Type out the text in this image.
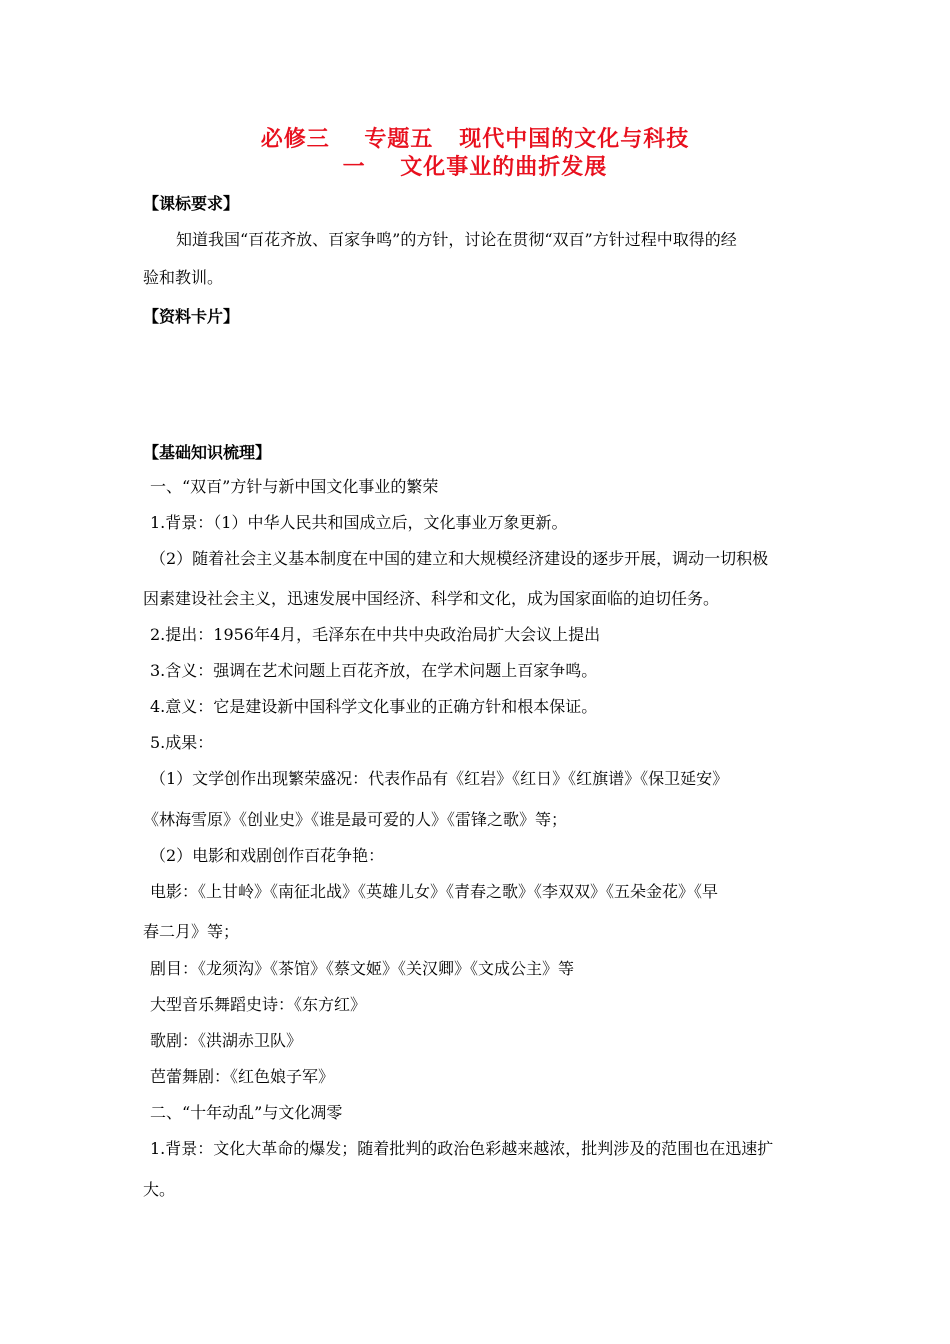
必修三    专题五   现代中国的文化与科技
一    文化事业的曲折发展
【课标要求】
知道我国“百花齐放、百家争鸣”的方针，讨论在贯彻“双百”方针过程中取得的经
验和教训。
【资料卡片】
【基础知识梳理】
一、“双百”方针与新中国文化事业的繁荣
1.背景：（1）中华人民共和国成立后，文化事业万象更新。
（2）随着社会主义基本制度在中国的建立和大规模经济建设的逐步开展，调动一切积极
因素建设社会主义，迅速发展中国经济、科学和文化，成为国家面临的迫切任务。
2.提出：1956年4月，毛泽东在中共中央政治局扩大会议上提出
3.含义：强调在艺术问题上百花齐放，在学术问题上百家争鸣。
4.意义：它是建设新中国科学文化事业的正确方针和根本保证。
5.成果：
（1）文学创作出现繁荣盛况：代表作品有《红岩》《红日》《红旗谱》《保卫延安》
《林海雪原》《创业史》《谁是最可爱的人》《雷锋之歌》等；
（2）电影和戏剧创作百花争艳：
电影：《上甘岭》《南征北战》《英雄儿女》《青春之歌》《李双双》《五朵金花》《早
春二月》等；
剧目：《龙须沟》《茶馆》《蔡文姬》《关汉卿》《文成公主》等
大型音乐舞蹈史诗：《东方红》
歌剧：《洪湖赤卫队》
芭蕾舞剧：《红色娘子军》
二、“十年动乱”与文化凋零
1.背景：文化大革命的爆发；随着批判的政治色彩越来越浓，批判涉及的范围也在迅速扩
大。
